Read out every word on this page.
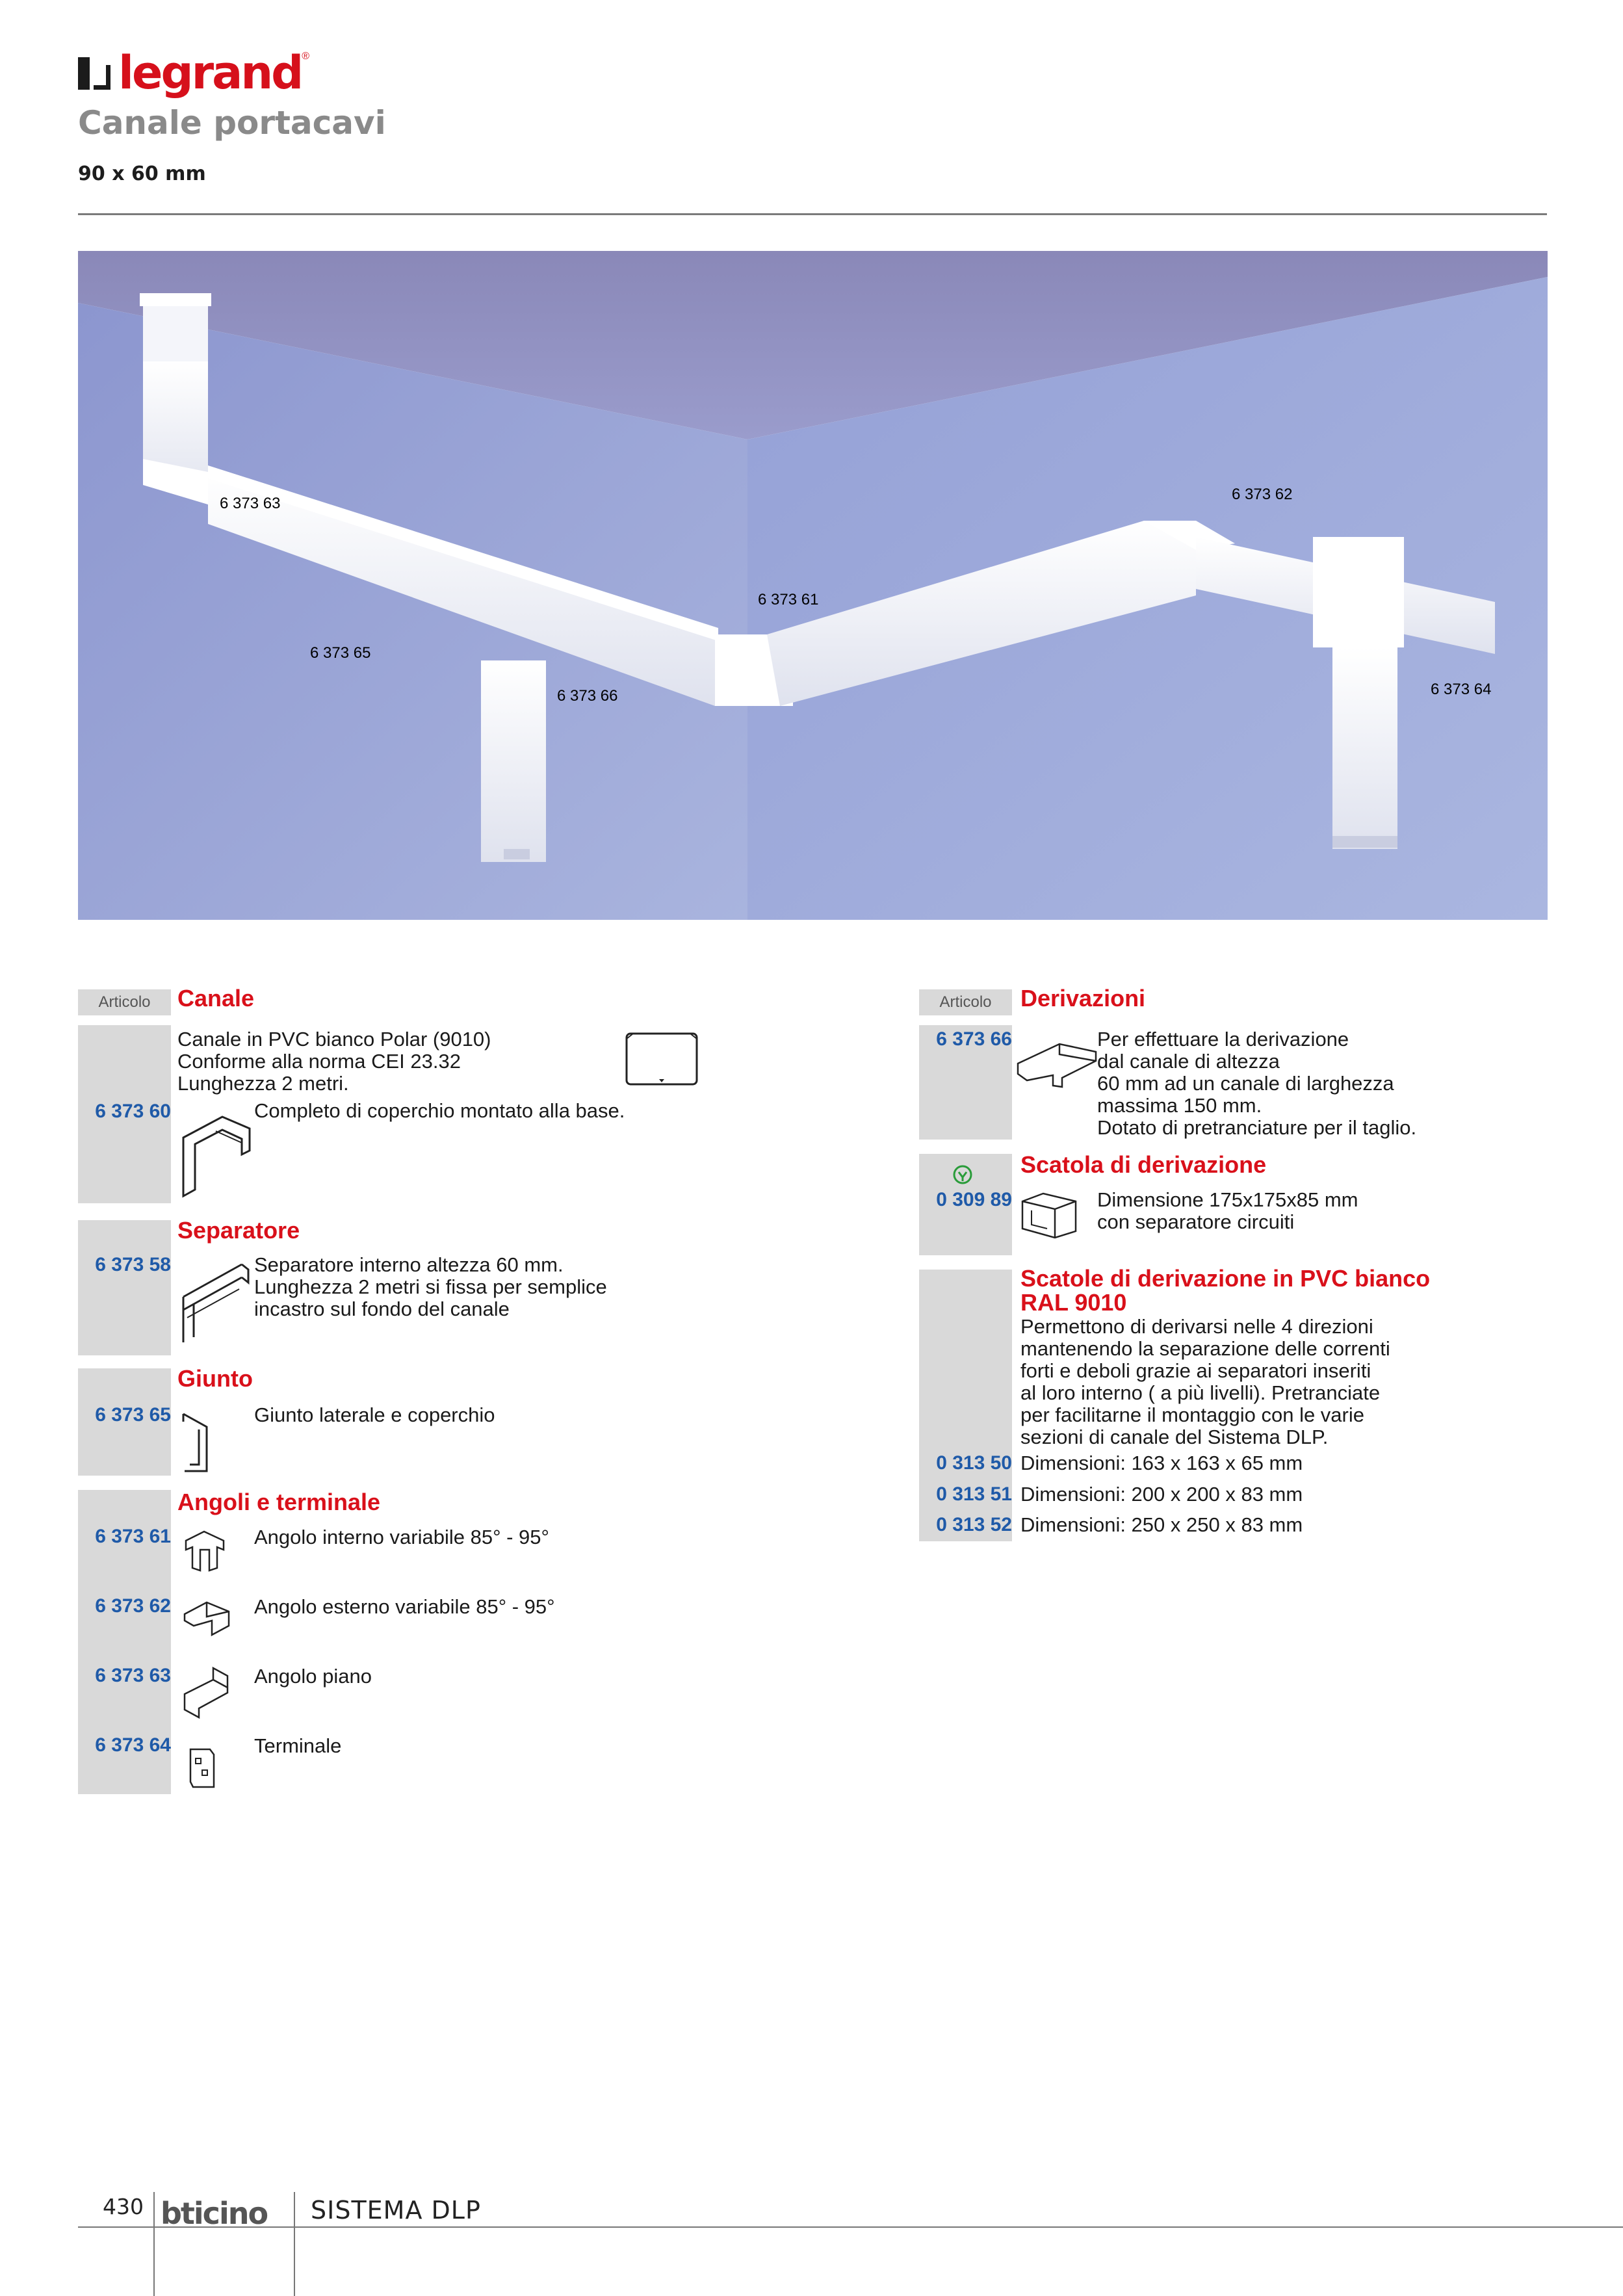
legrand ®
Canale portacavi
90 x 60 mm
6 373 63
6 373 65
6 373 66
6 373 61
6 373 62
6 373 64
Articolo	Canale
Canale in PVC bianco Polar (9010)
Conforme alla norma CEI 23.32
Lunghezza 2 metri.
6 373 60	Completo di coperchio montato alla base.
Separatore
6 373 58	Separatore interno altezza 60 mm.
Lunghezza 2 metri si fissa per semplice
incastro sul fondo del canale
Giunto
6 373 65	Giunto laterale e coperchio
Angoli e terminale
6 373 61	Angolo interno variabile 85° - 95°
6 373 62	Angolo esterno variabile 85° - 95°
6 373 63	Angolo piano
6 373 64	Terminale
Articolo	Derivazioni
6 373 66	Per effettuare la derivazione
dal canale di altezza
60 mm ad un canale di larghezza
massima 150 mm.
Dotato di pretranciature per il taglio.
Scatola di derivazione
0 309 89	Dimensione 175x175x85 mm
con separatore circuiti
Scatole di derivazione in PVC bianco
RAL 9010
Permettono di derivarsi nelle 4 direzioni
mantenendo la separazione delle correnti
forti e deboli grazie ai separatori inseriti
al loro interno ( a più livelli). Pretranciate
per facilitarne il montaggio con le varie
sezioni di canale del Sistema DLP.
0 313 50 Dimensioni: 163 x 163 x 65 mm
0 313 51 Dimensioni: 200 x 200 x 83 mm
0 313 52 Dimensioni: 250 x 250 x 83 mm
430 bticino SISTEMA DLP
